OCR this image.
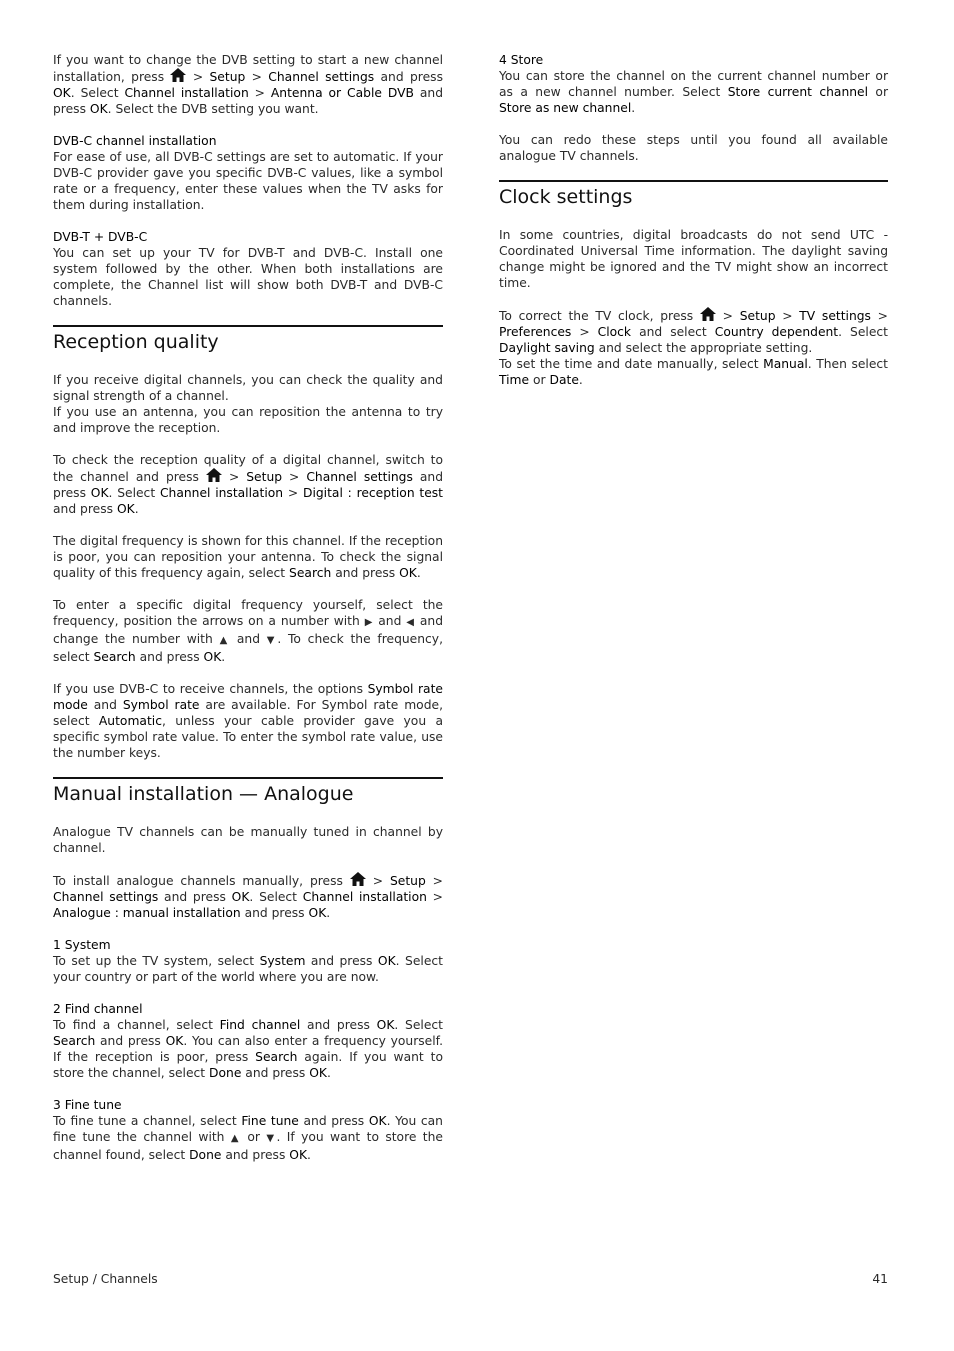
If you want to change the DVB setting to start a new channel installation, press > Setup > Channel settings and press OK. Select Channel installation > Antenna or Cable DVB and press OK. Select the DVB setting you want.

DVB-C channel installation

For ease of use, all DVB-C settings are set to automatic. If your DVB-C provider gave you specific DVB-C values, like a symbol rate or a frequency, enter these values when the TV asks for them during installation.

DVB-T + DVB-C

You can set up your TV for DVB-T and DVB-C. Install one system followed by the other. When both installations are complete, the Channel list will show both DVB-T and DVB-C channels.

Reception quality

If you receive digital channels, you can check the quality and signal strength of a channel.
If you use an antenna, you can reposition the antenna to try and improve the reception.

To check the reception quality of a digital channel, switch to the channel and press
> Setup > Channel settings and press OK. Select Channel installation > Digital : reception test and press OK.

The digital frequency is shown for this channel. If the reception is poor, you can reposition your antenna. To check the signal quality of this frequency again, select Search and press OK.

To enter a specific digital frequency yourself, select the frequency, position the arrows on a number with ▶ and ◀ and change the number with ▲ and ▼. To check the frequency, select Search and press OK.

If you use DVB-C to receive channels, the options Symbol rate mode and Symbol rate are available. For Symbol rate mode, select Automatic, unless your cable provider gave you a specific symbol rate value. To enter the symbol rate value, use the number keys.

Manual installation — Analogue

Analogue TV channels can be manually tuned in channel by channel.

To install analogue channels manually, press
> Setup > Channel settings and press OK. Select Channel installation > Analogue : manual installation and press OK.

1 System

To set up the TV system, select System and press OK. Select your country or part of the world where you are now.

2 Find channel

To find a channel, select Find channel and press OK. Select Search and press OK. You can also enter a frequency yourself. If the reception is poor, press Search again. If you want to store the channel, select Done and press OK.

3 Fine tune

To fine tune a channel, select Fine tune and press OK. You can fine tune the channel with ▲ or ▼. If you want to store the channel found, select Done and press OK.

4 Store

You can store the channel on the current channel number or as a new channel number. Select Store current channel or Store as new channel.

You can redo these steps until you found all available analogue TV channels.

Clock settings

In some countries, digital broadcasts do not send UTC - Coordinated Universal Time information. The daylight saving change might be ignored and the TV might show an incorrect time.

To correct the TV clock, press
> Setup > TV settings > Preferences > Clock and select Country dependent. Select Daylight saving and select the appropriate setting.
To set the time and date manually, select Manual. Then select Time or Date.

Setup / Channels	41
